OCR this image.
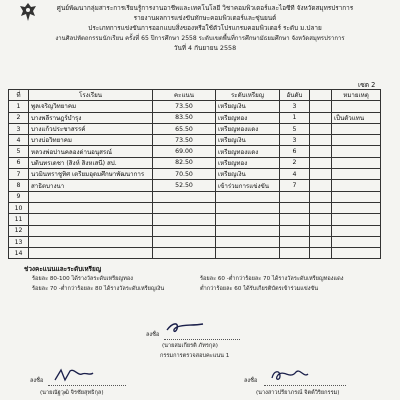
ศูนย์พัฒนากลุ่มสาระการเรียนรู้การงานอาชีพและเทคโนโลยี วิชาคอมพิวเตอร์และไอซีที จังหวัดสมุทรปราการ
รายงานผลการแข่งขันทักษะคอมพิวเตอร์และซุ่นยนต์
ประเภทการแข่งขันการออกแบบสิ่งของหรือใช้ตัวโปรแกรมคอมพิวเตอร์ ระดับ ม.ปลาย
งานศิลปหัตถกรรมนักเรียน ครั้งที่ 65 ปีการศึกษา 2558 ระดับเขตพื้นที่การศึกษามัธยมศึกษา จังหวัดสมุทรปราการ
วันที่ 4 กันยายน 2558
เซต 2
ที่	โรงเรียน	คะแนน	ระดับเหรียญ	อันดับ		หมายเหตุ
1	พูลเจริญวิทยาคม	73.50	เหรียญเงิน	3		
2	บางพลีราษฎร์บำรุง	83.50	เหรียญทอง	1		เป็นตัวแทน
3	บางแก้วประชาสรรค์	65.50	เหรียญทองแดง	5		
4	บางบ่อวิทยาคม	73.50	เหรียญเงิน	3		
5	หลวงพ่อปานคลองด่านอนุสรณ์	69.00	เหรียญทองแดง	6		
6	บดินทรเดชา (สิงห์ สิงหเสนี) สป.	82.50	เหรียญทอง	2		
7	นวมินทราชูทิศ เตรียมอุดมศึกษาพัฒนาการ	70.50	เหรียญเงิน	4		
8	สาธิตบางนา	52.50	เข้าร่วมการแข่งขัน	7		
9						
10						
11						
12						
13						
14						
ช่วงคะแนนและระดับเหรียญ
ร้อยละ 80-100 ได้รางวัลระดับเหรียญทอง	ร้อยละ 60 -ต่ำกว่าร้อยละ 70 ได้รางวัลระดับเหรียญทองแดง
ร้อยละ 70 -ต่ำกว่าร้อยละ 80 ได้รางวัลระดับเหรียญเงิน	ต่ำกว่าร้อยละ 60 ได้รับเกียรติบัตรเข้าร่วมแข่งขัน
ลงชื่อ
(นายสมเกียรติ ภัทรกุล)
กรรมการตรวจสอบคะแนน 1
ลงชื่อ
(นายณัฐวุฒิ จิรชัยสุทธิกุล)
ลงชื่อ
(นางสาวปรียาภรณ์ จิตต์วิริยกรรม)
